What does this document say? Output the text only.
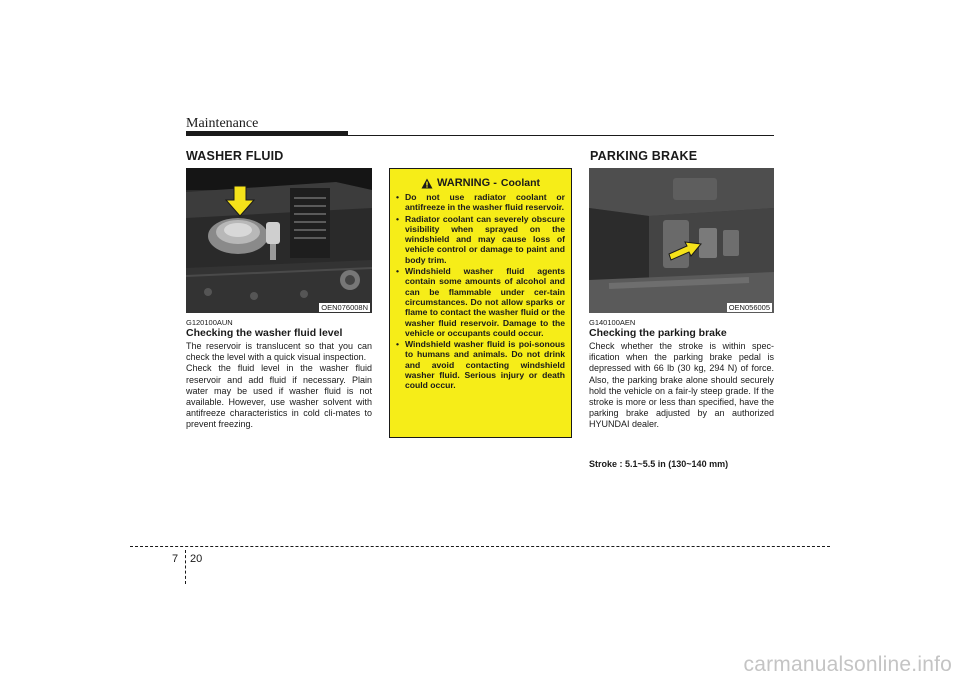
Maintenance
WASHER FLUID
OEN076008N
G120100AUN
Checking the washer fluid level

The reservoir is translucent so that you can check the level with a quick visual inspection.

Check the fluid level in the washer fluid reservoir and add fluid if necessary. Plain water may be used if washer fluid is not available. However, use washer solvent with antifreeze characteristics in cold cli-mates to prevent freezing.

WARNING - Coolant
• Do not use radiator coolant or antifreeze in the washer fluid reservoir.
• Radiator coolant can severely obscure visibility when sprayed on the windshield and may cause loss of vehicle control or damage to paint and body trim.
• Windshield washer fluid agents contain some amounts of alcohol and can be flammable under cer-tain circumstances. Do not allow sparks or flame to contact the washer fluid or the washer fluid reservoir. Damage to the vehicle or occupants could occur.
• Windshield washer fluid is poi-sonous to humans and animals. Do not drink and avoid contacting windshield washer fluid. Serious injury or death could occur.
PARKING BRAKE
OEN056005
G140100AEN
Checking the parking brake

Check whether the stroke is within spec-ification when the parking brake pedal is depressed with 66 lb (30 kg, 294 N) of force. Also, the parking brake alone should securely hold the vehicle on a fair-ly steep grade. If the stroke is more or less than specified, have the parking brake adjusted by an authorized HYUNDAI dealer.

Stroke : 5.1~5.5 in (130~140 mm)
7 20
carmanualsonline.info
